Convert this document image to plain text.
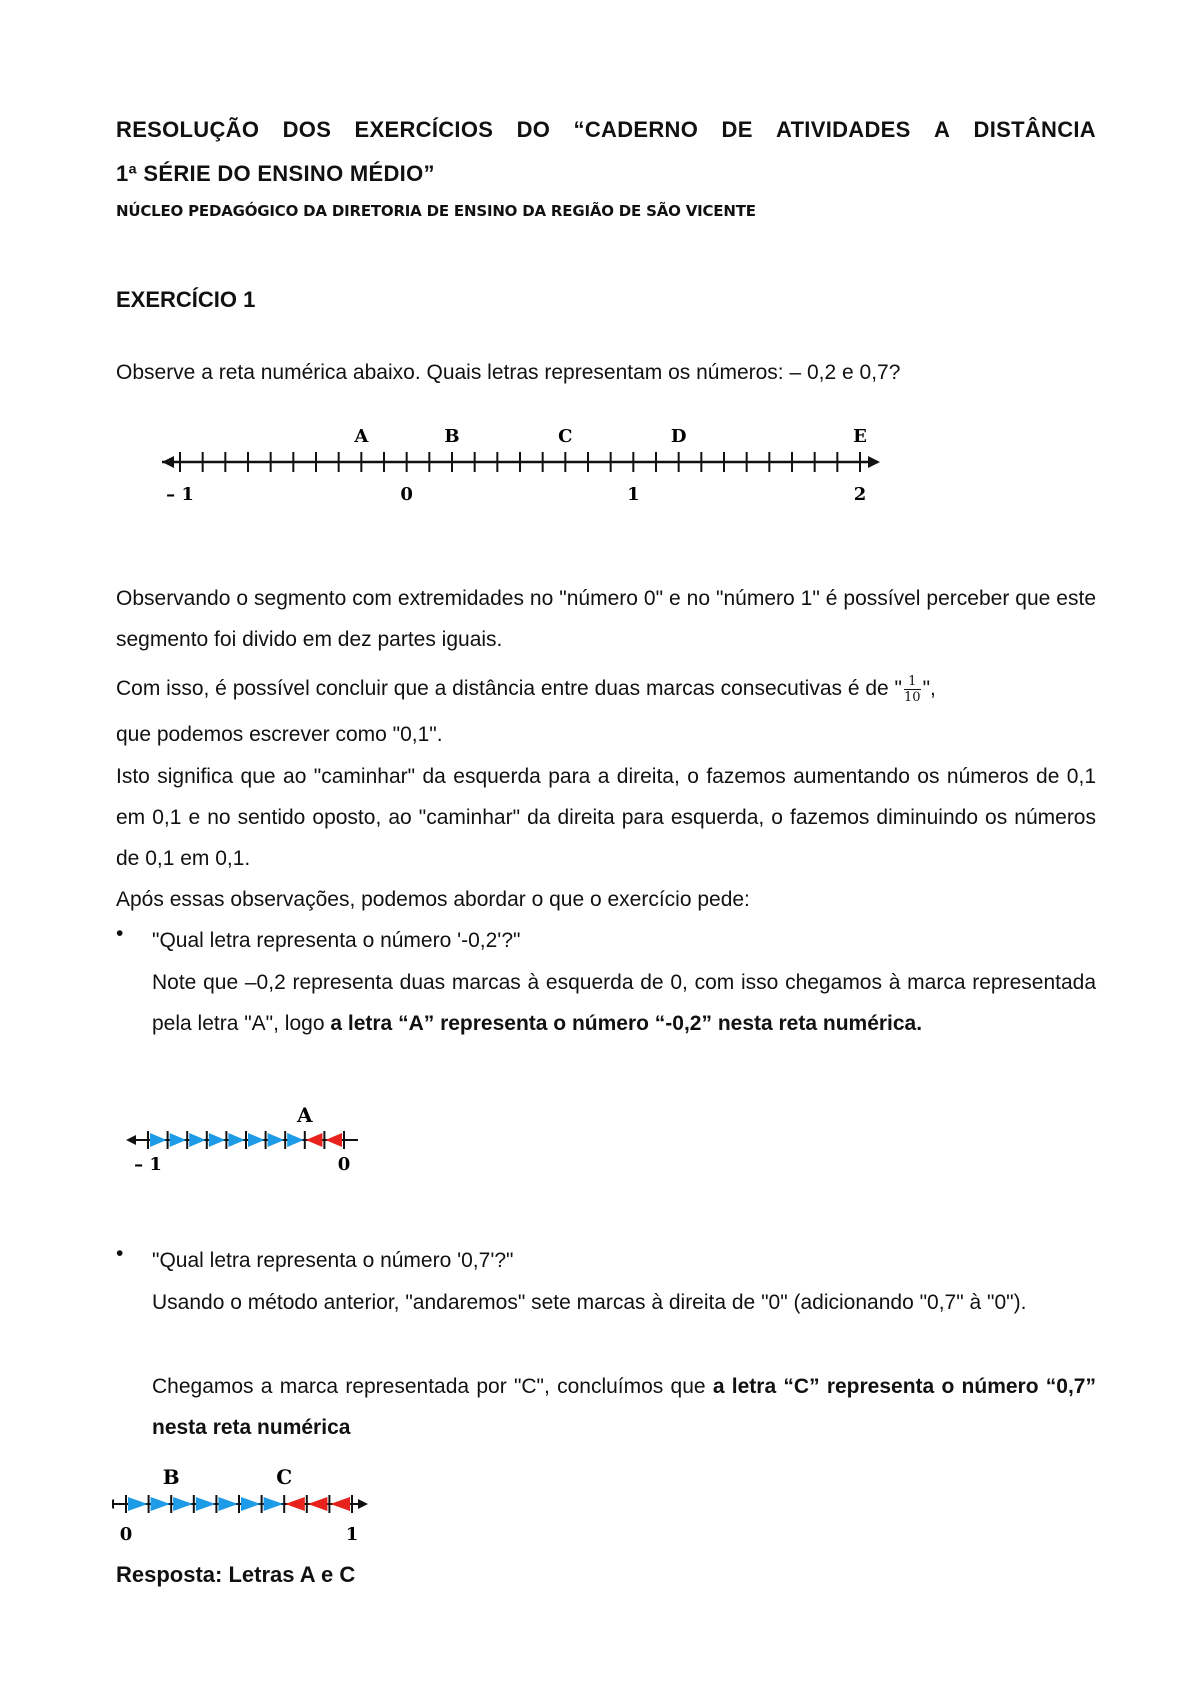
RESOLUÇÃO DOS EXERCÍCIOS DO “CADERNO DE ATIVIDADES A DISTÂNCIA
1ª SÉRIE DO ENSINO MÉDIO”
NÚCLEO PEDAGÓGICO DA DIRETORIA DE ENSINO DA REGIÃO DE SÃO VICENTE
EXERCÍCIO 1
Observe a reta numérica abaixo. Quais letras representam os números: – 0,2 e 0,7?
A	B	C	D	E
– 1	0	1	2
Observando o segmento com extremidades no "número 0" e no "número 1" é possível perceber que este segmento foi divido em dez partes iguais.
Com isso, é possível concluir que a distância entre duas marcas consecutivas é de " $\frac{1}{10}$ ",
que podemos escrever como "0,1".
Isto significa que ao "caminhar" da esquerda para a direita, o fazemos aumentando os números de 0,1 em 0,1 e no sentido oposto, ao "caminhar" da direita para esquerda, o fazemos diminuindo os números de 0,1 em 0,1.
Após essas observações, podemos abordar o que o exercício pede:
• "Qual letra representa o número '-0,2'?"
Note que –0,2 representa duas marcas à esquerda de 0, com isso chegamos à marca representada pela letra "A", logo a letra “A” representa o número “-0,2” nesta reta numérica.
A
– 1	0
• "Qual letra representa o número '0,7'?"
Usando o método anterior, "andaremos" sete marcas à direita de "0" (adicionando "0,7" à "0").
Chegamos a marca representada por "C", concluímos que a letra “C” representa o número “0,7” nesta reta numérica
B	C
0	1
Resposta: Letras A e C
